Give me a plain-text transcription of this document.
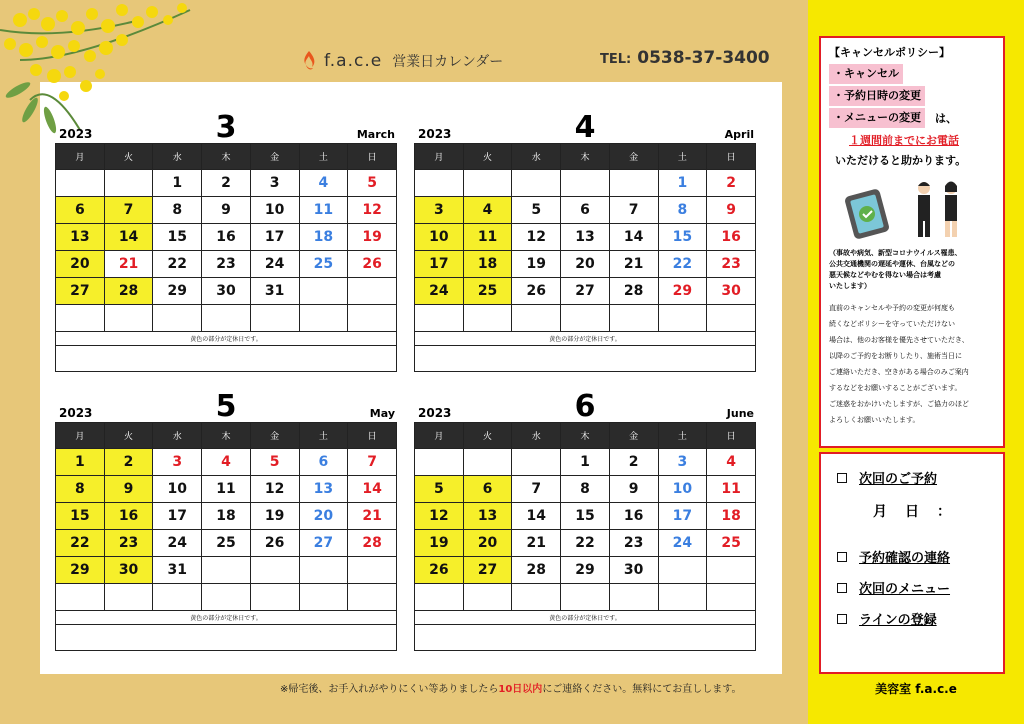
f.a.c.e 営業日カレンダー	TEL: 0538-37-3400
2023	3	March
月	火	水	木	金	土	日
		1	2	3	4	5
6	7	8	9	10	11	12
13	14	15	16	17	18	19
20	21	22	23	24	25	26
27	28	29	30	31		

黄色の部分が定休日です。						

2023	4	April
月	火	水	木	金	土	日
					1	2
3	4	5	6	7	8	9
10	11	12	13	14	15	16
17	18	19	20	21	22	23
24	25	26	27	28	29	30

黄色の部分が定休日です。						

2023	5	May
月	火	水	木	金	土	日
1	2	3	4	5	6	7
8	9	10	11	12	13	14
15	16	17	18	19	20	21
22	23	24	25	26	27	28
29	30	31				

黄色の部分が定休日です。						

2023	6	June
月	火	水	木	金	土	日
			1	2	3	4
5	6	7	8	9	10	11
12	13	14	15	16	17	18
19	20	21	22	23	24	25
26	27	28	29	30		

黄色の部分が定休日です。						

※帰宅後、お手入れがやりにくい等ありましたら10日以内にご連絡ください。無料にてお直しします。
【キャンセルポリシー】
・キャンセル
・予約日時の変更
・メニューの変更	は、
１週間前までにお電話
いただけると助かります。
（事故や病気、新型コロナウイルス罹患、
公共交通機関の遅延や運休、台風などの
悪天候などやむを得ない場合は考慮
いたします）
直前のキャンセルや予約の変更が何度も
続くなどポリシーを守っていただけない
場合は、他のお客様を優先させていただき、
以降のご予約をお断りしたり、施術当日に
ご連絡いただき、空きがある場合のみご案内
するなどをお願いすることがございます。
ご迷惑をおかけいたしますが、ご協力のほど
よろしくお願いいたします。
次回のご予約
月　日　：
予約確認の連絡
次回のメニュー
ラインの登録
美容室 f.a.c.e
